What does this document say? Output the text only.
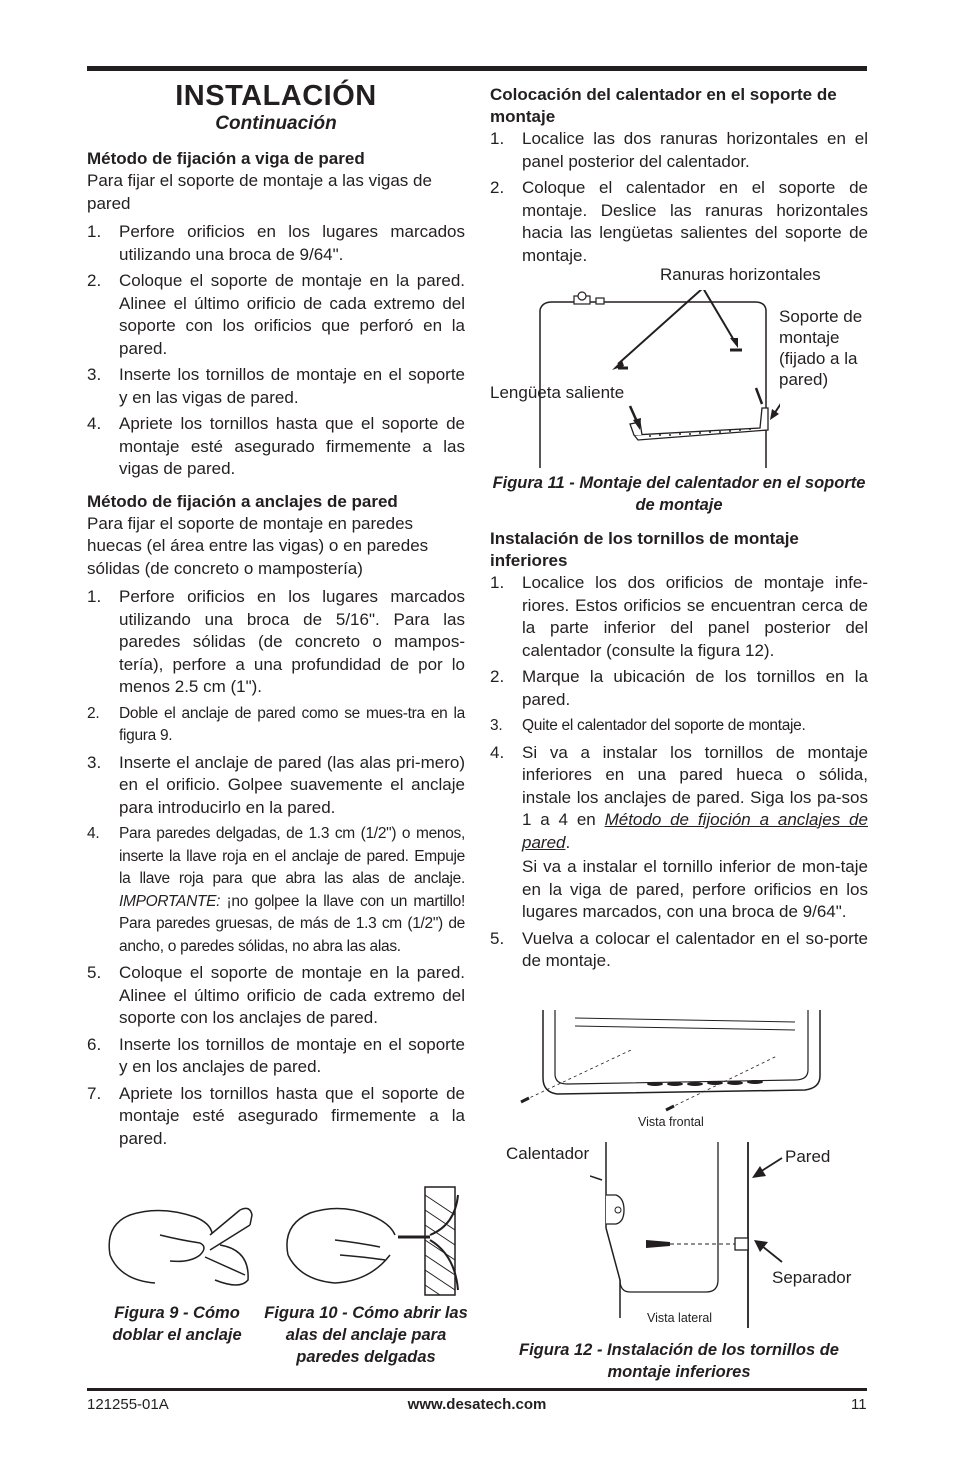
INSTALACIÓN
Continuación
Método de fijación a viga de pared

Para fijar el soporte de montaje a las vigas de pared

1. Perfore orificios en los lugares marcados utilizando una broca de 9/64".
2. Coloque el soporte de montaje en la pared. Alinee el último orificio de cada extremo del soporte con los orificios que perforó en la pared.
3. Inserte los tornillos de montaje en el soporte y en las vigas de pared.
4. Apriete los tornillos hasta que el soporte de montaje esté asegurado firmemente a las vigas de pared.
Método de fijación a anclajes de pared

Para fijar el soporte de montaje en paredes huecas (el área entre las vigas) o en paredes sólidas (de concreto o mampostería)

1. Perfore orificios en los lugares marcados utilizando una broca de 5/16". Para las paredes sólidas (de concreto o mampos-tería), perfore a una profundidad de por lo menos 2.5 cm (1").
2. Doble el anclaje de pared como se mues-tra en la figura 9.
3. Inserte el anclaje de pared (las alas pri-mero) en el orificio. Golpee suavemente el anclaje para introducirlo en la pared.
4. Para paredes delgadas, de 1.3 cm (1/2") o menos, inserte la llave roja en el anclaje de pared. Empuje la llave roja para que abra las alas de anclaje. IMPORTANTE: ¡no golpee la llave con un martillo! Para paredes gruesas, de más de 1.3 cm (1/2") de ancho, o paredes sólidas, no abra las alas.
5. Coloque el soporte de montaje en la pared. Alinee el último orificio de cada extremo del soporte con los anclajes de pared.
6. Inserte los tornillos de montaje en el soporte y en los anclajes de pared.
7. Apriete los tornillos hasta que el soporte de montaje esté asegurado firmemente a la pared.
Figura 9 - Cómo doblar el anclaje
Figura 10 - Cómo abrir las alas del anclaje para paredes delgadas
Colocación del calentador en el soporte de montaje
1. Localice las dos ranuras horizontales en el panel posterior del calentador.
2. Coloque el calentador en el soporte de montaje. Deslice las ranuras horizontales hacia las lengüetas salientes del soporte de montaje.
Ranuras horizontales
Soporte de montaje (fijado a la pared)
Lengüeta saliente
Figura 11 - Montaje del calentador en el soporte de montaje
Instalación de los tornillos de montaje inferiores
1. Localice los dos orificios de montaje infe-riores. Estos orificios se encuentran cerca de la parte inferior del panel posterior del calentador (consulte la figura 12).
2. Marque la ubicación de los tornillos en la pared.
3. Quite el calentador del soporte de montaje.
4. Si va a instalar los tornillos de montaje inferiores en una pared hueca o sólida, instale los anclajes de pared. Siga los pa-sos 1 a 4 en Método de fijoción a anclajes de pared.
Si va a instalar el tornillo inferior de mon-taje en la viga de pared, perfore orificios en los lugares marcados, con una broca de 9/64".
5. Vuelva a colocar el calentador en el so-porte de montaje.
Vista frontal
Calentador	Pared
Separador
Vista lateral
Figura 12 - Instalación de los tornillos de montaje inferiores
121255-01A	www.desatech.com	11
